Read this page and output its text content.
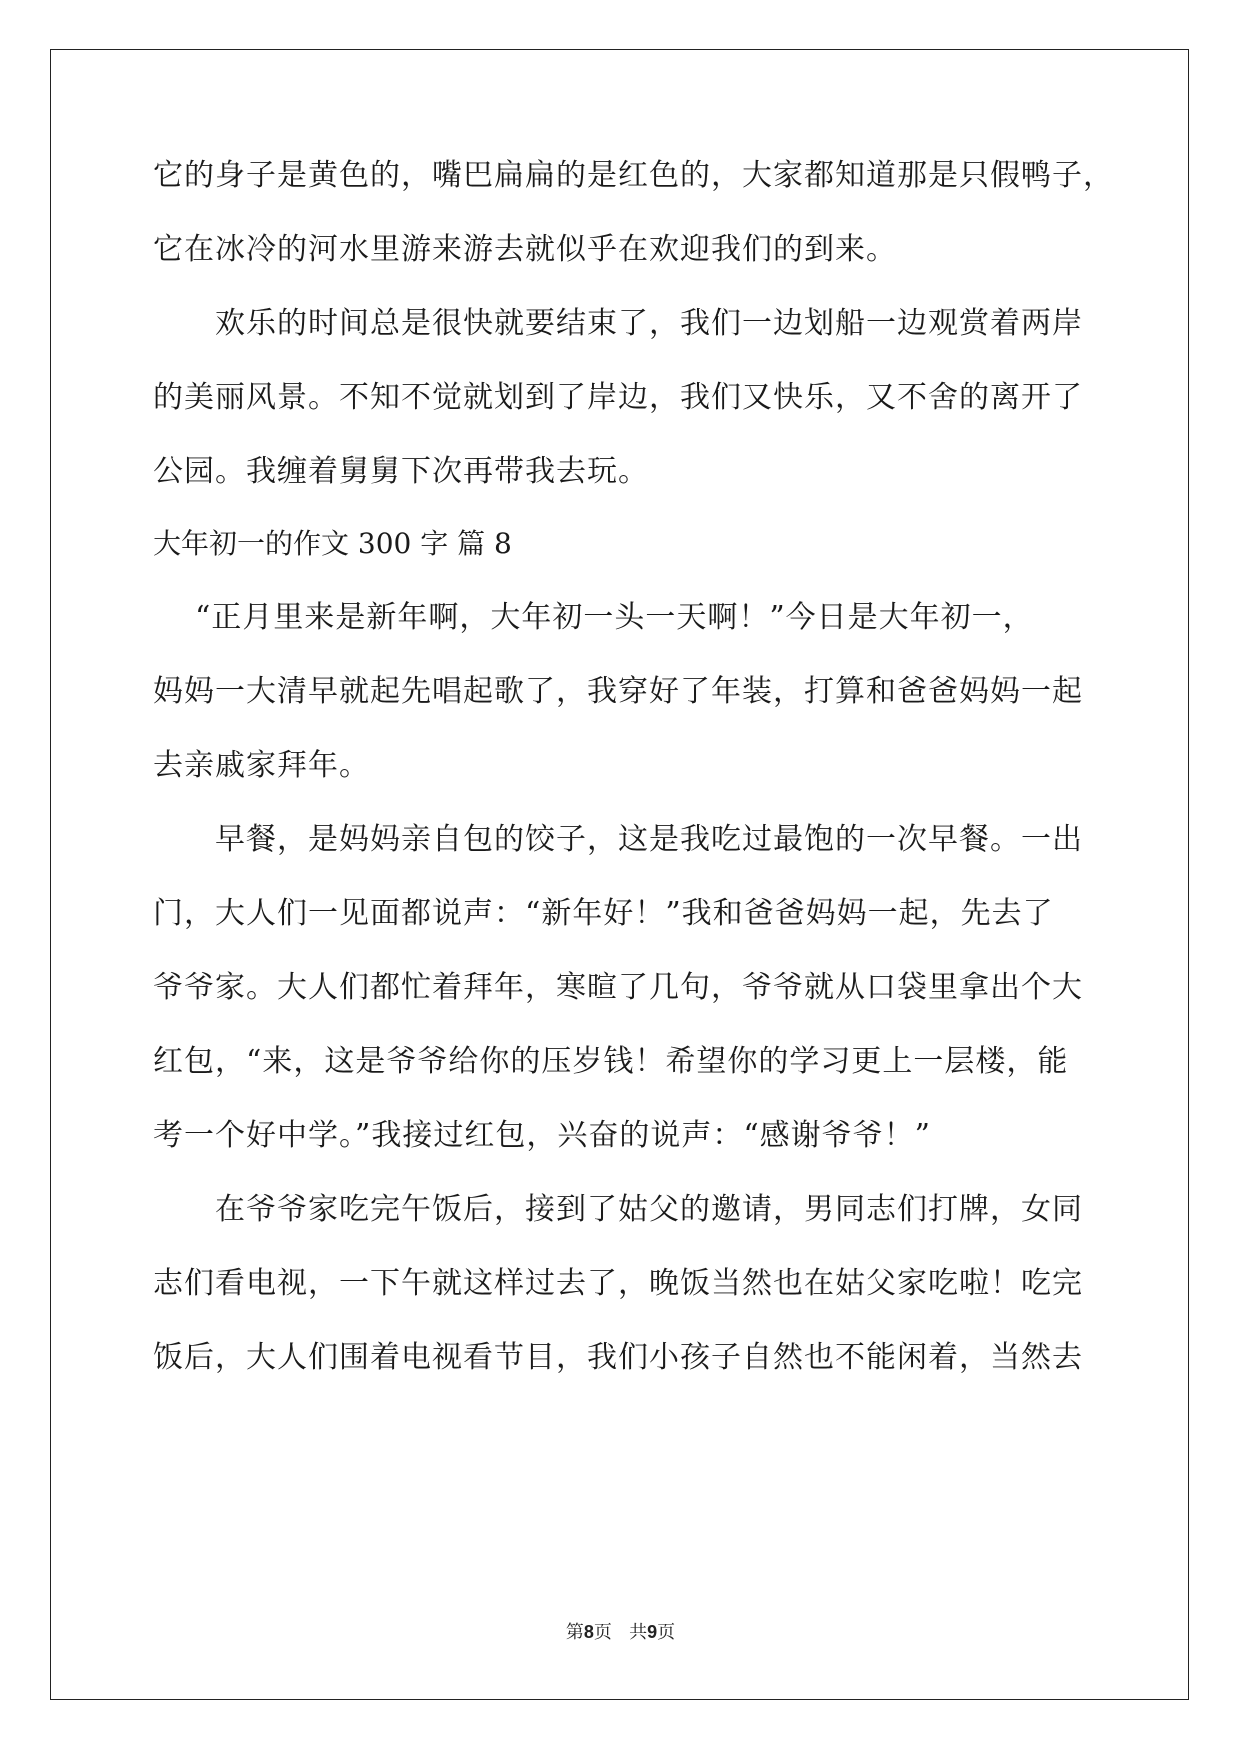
它的身子是黄色的，嘴巴扁扁的是红色的，大家都知道那是只假鸭子，
它在冰冷的河水里游来游去就似乎在欢迎我们的到来。
欢乐的时间总是很快就要结束了，我们一边划船一边观赏着两岸
的美丽风景。不知不觉就划到了岸边，我们又快乐，又不舍的离开了
公园。我缠着舅舅下次再带我去玩。
大年初一的作文 300 字 篇 8
“正月里来是新年啊，大年初一头一天啊！”今日是大年初一，
妈妈一大清早就起先唱起歌了，我穿好了年装，打算和爸爸妈妈一起
去亲戚家拜年。
早餐，是妈妈亲自包的饺子，这是我吃过最饱的一次早餐。一出
门，大人们一见面都说声：“新年好！”我和爸爸妈妈一起，先去了
爷爷家。大人们都忙着拜年，寒暄了几句，爷爷就从口袋里拿出个大
红包，“来，这是爷爷给你的压岁钱！希望你的学习更上一层楼，能
考一个好中学。”我接过红包，兴奋的说声：“感谢爷爷！”
在爷爷家吃完午饭后，接到了姑父的邀请，男同志们打牌，女同
志们看电视，一下午就这样过去了，晚饭当然也在姑父家吃啦！吃完
饭后，大人们围着电视看节目，我们小孩子自然也不能闲着，当然去
第8页 共9页
